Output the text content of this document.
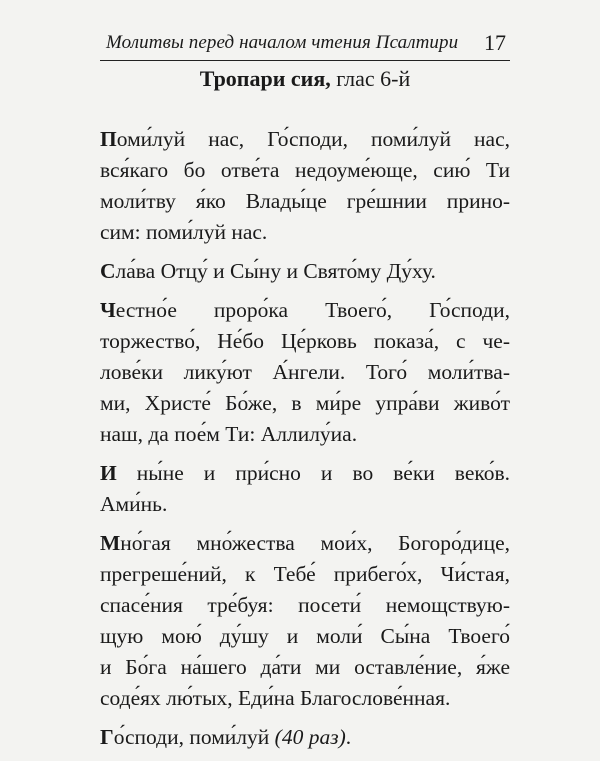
Молитвы перед началом чтения Псалтири 17
Тропари сия, глас 6-й
Поми́луй нас, Го́споди, поми́луй нас,
вся́каго бо отве́та недоуме́юще, сию́ Ти
моли́тву я́ко Влады́це гре́шнии прино-
сим: поми́луй нас.
Сла́ва Отцу́ и Сы́ну и Свято́му Ду́ху.
Честно́е проро́ка Твоего́, Го́споди,
торжество́, Не́бо Це́рковь показа́, с че-
лове́ки лику́ют А́нгели. Того́ моли́тва-
ми, Христе́ Бо́же, в ми́ре упра́ви живо́т
наш, да пое́м Ти: Аллилу́иа.
И ны́не и при́сно и во ве́ки веко́в.
Ами́нь.
Мно́гая мно́жества мои́х, Богоро́дице,
прегреше́ний, к Тебе́ прибего́х, Чи́стая,
спасе́ния тре́буя: посети́ немощствую-
щую мою́ ду́шу и моли́ Сы́на Твоего́
и Бо́га на́шего да́ти ми оставле́ние, я́же
соде́ях лю́тых, Еди́на Благослове́нная.
Го́споди, поми́луй (40 раз).
